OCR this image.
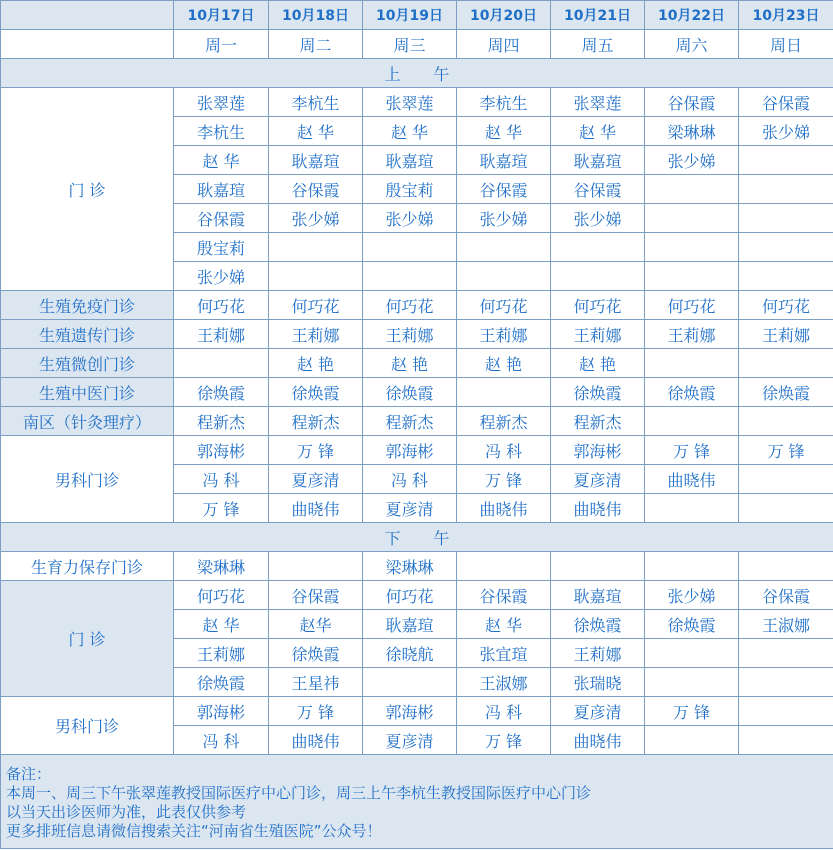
	10月17日	10月18日	10月19日	10月20日	10月21日	10月22日	10月23日
	周一	周二	周三	周四	周五	周六	周日
上 午							
门 诊	张翠莲	李杭生	张翠莲	李杭生	张翠莲	谷保霞	谷保霞
	李杭生	赵 华	赵 华	赵 华	赵 华	梁琳琳	张少娣
	赵 华	耿嘉瑄	耿嘉瑄	耿嘉瑄	耿嘉瑄	张少娣	
	耿嘉瑄	谷保霞	殷宝莉	谷保霞	谷保霞		
	谷保霞	张少娣	张少娣	张少娣	张少娣		
	殷宝莉						
	张少娣						
生殖免疫门诊	何巧花	何巧花	何巧花	何巧花	何巧花	何巧花	何巧花
生殖遗传门诊	王莉娜	王莉娜	王莉娜	王莉娜	王莉娜	王莉娜	王莉娜
生殖微创门诊		赵 艳	赵 艳	赵 艳	赵 艳		
生殖中医门诊	徐焕霞	徐焕霞	徐焕霞		徐焕霞	徐焕霞	徐焕霞
南区（针灸理疗）	程新杰	程新杰	程新杰	程新杰	程新杰		
男科门诊	郭海彬	万 锋	郭海彬	冯 科	郭海彬	万 锋	万 锋
	冯 科	夏彦清	冯 科	万 锋	夏彦清	曲晓伟	
	万 锋	曲晓伟	夏彦清	曲晓伟	曲晓伟		
下 午							
生育力保存门诊	梁琳琳		梁琳琳				
门 诊	何巧花	谷保霞	何巧花	谷保霞	耿嘉瑄	张少娣	谷保霞
	赵 华	赵华	耿嘉瑄	赵 华	徐焕霞	徐焕霞	王淑娜
	王莉娜	徐焕霞	徐晓航	张宜瑄	王莉娜		
	徐焕霞	王星祎		王淑娜	张瑞晓		
男科门诊	郭海彬	万 锋	郭海彬	冯 科	夏彦清	万 锋	
	冯 科	曲晓伟	夏彦清	万 锋	曲晓伟		

备注：
本周一、周三下午张翠莲教授国际医疗中心门诊，周三上午李杭生教授国际医疗中心门诊
以当天出诊医师为准，此表仅供参考
更多排班信息请微信搜索关注“河南省生殖医院”公众号！							
